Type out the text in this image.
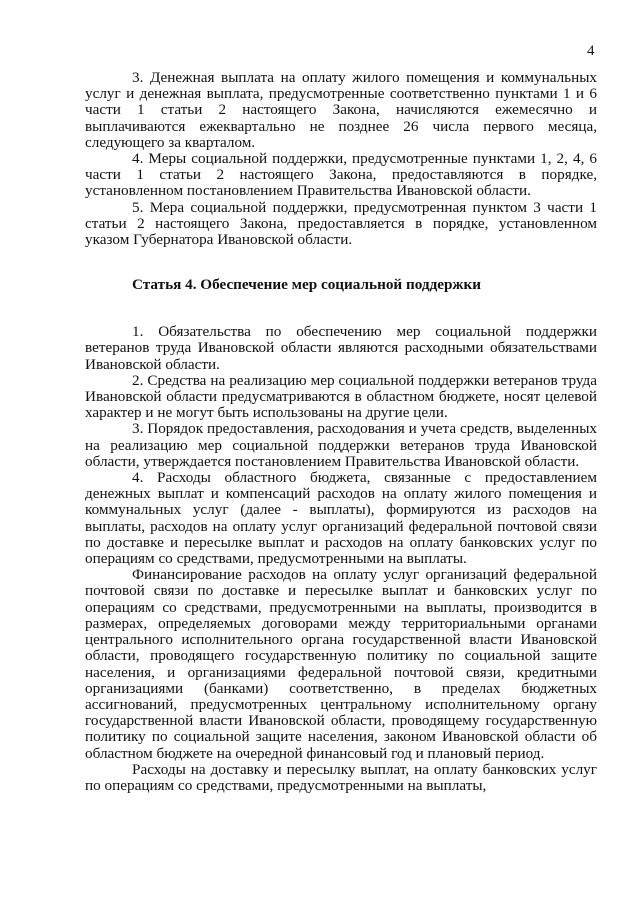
4

3. Денежная выплата на оплату жилого помещения и коммунальных услуг и денежная выплата, предусмотренные соответственно пунктами 1 и 6 части 1 статьи 2 настоящего Закона, начисляются ежемесячно и выплачиваются ежеквартально не позднее 26 числа первого месяца, следующего за кварталом.

4. Меры социальной поддержки, предусмотренные пунктами 1, 2, 4, 6 части 1 статьи 2 настоящего Закона, предоставляются в порядке, установленном постановлением Правительства Ивановской области.

5. Мера социальной поддержки, предусмотренная пунктом 3 части 1 статьи 2 настоящего Закона, предоставляется в порядке, установленном указом Губернатора Ивановской области.

Статья 4. Обеспечение мер социальной поддержки

1. Обязательства по обеспечению мер социальной поддержки ветеранов труда Ивановской области являются расходными обязательствами Ивановской области.

2. Средства на реализацию мер социальной поддержки ветеранов труда Ивановской области предусматриваются в областном бюджете, носят целевой характер и не могут быть использованы на другие цели.

3. Порядок предоставления, расходования и учета средств, выделенных на реализацию мер социальной поддержки ветеранов труда Ивановской области, утверждается постановлением Правительства Ивановской области.

4. Расходы областного бюджета, связанные с предоставлением денежных выплат и компенсаций расходов на оплату жилого помещения и коммунальных услуг (далее - выплаты), формируются из расходов на выплаты, расходов на оплату услуг организаций федеральной почтовой связи по доставке и пересылке выплат и расходов на оплату банковских услуг по операциям со средствами, предусмотренными на выплаты.

Финансирование расходов на оплату услуг организаций федеральной почтовой связи по доставке и пересылке выплат и банковских услуг по операциям со средствами, предусмотренными на выплаты, производится в размерах, определяемых договорами между территориальными органами центрального исполнительного органа государственной власти Ивановской области, проводящего государственную политику по социальной защите населения, и организациями федеральной почтовой связи, кредитными организациями (банками) соответственно, в пределах бюджетных ассигнований, предусмотренных центральному исполнительному органу государственной власти Ивановской области, проводящему государственную политику по социальной защите населения, законом Ивановской области об областном бюджете на очередной финансовый год и плановый период.

Расходы на доставку и пересылку выплат, на оплату банковских услуг по операциям со средствами, предусмотренными на выплаты,
